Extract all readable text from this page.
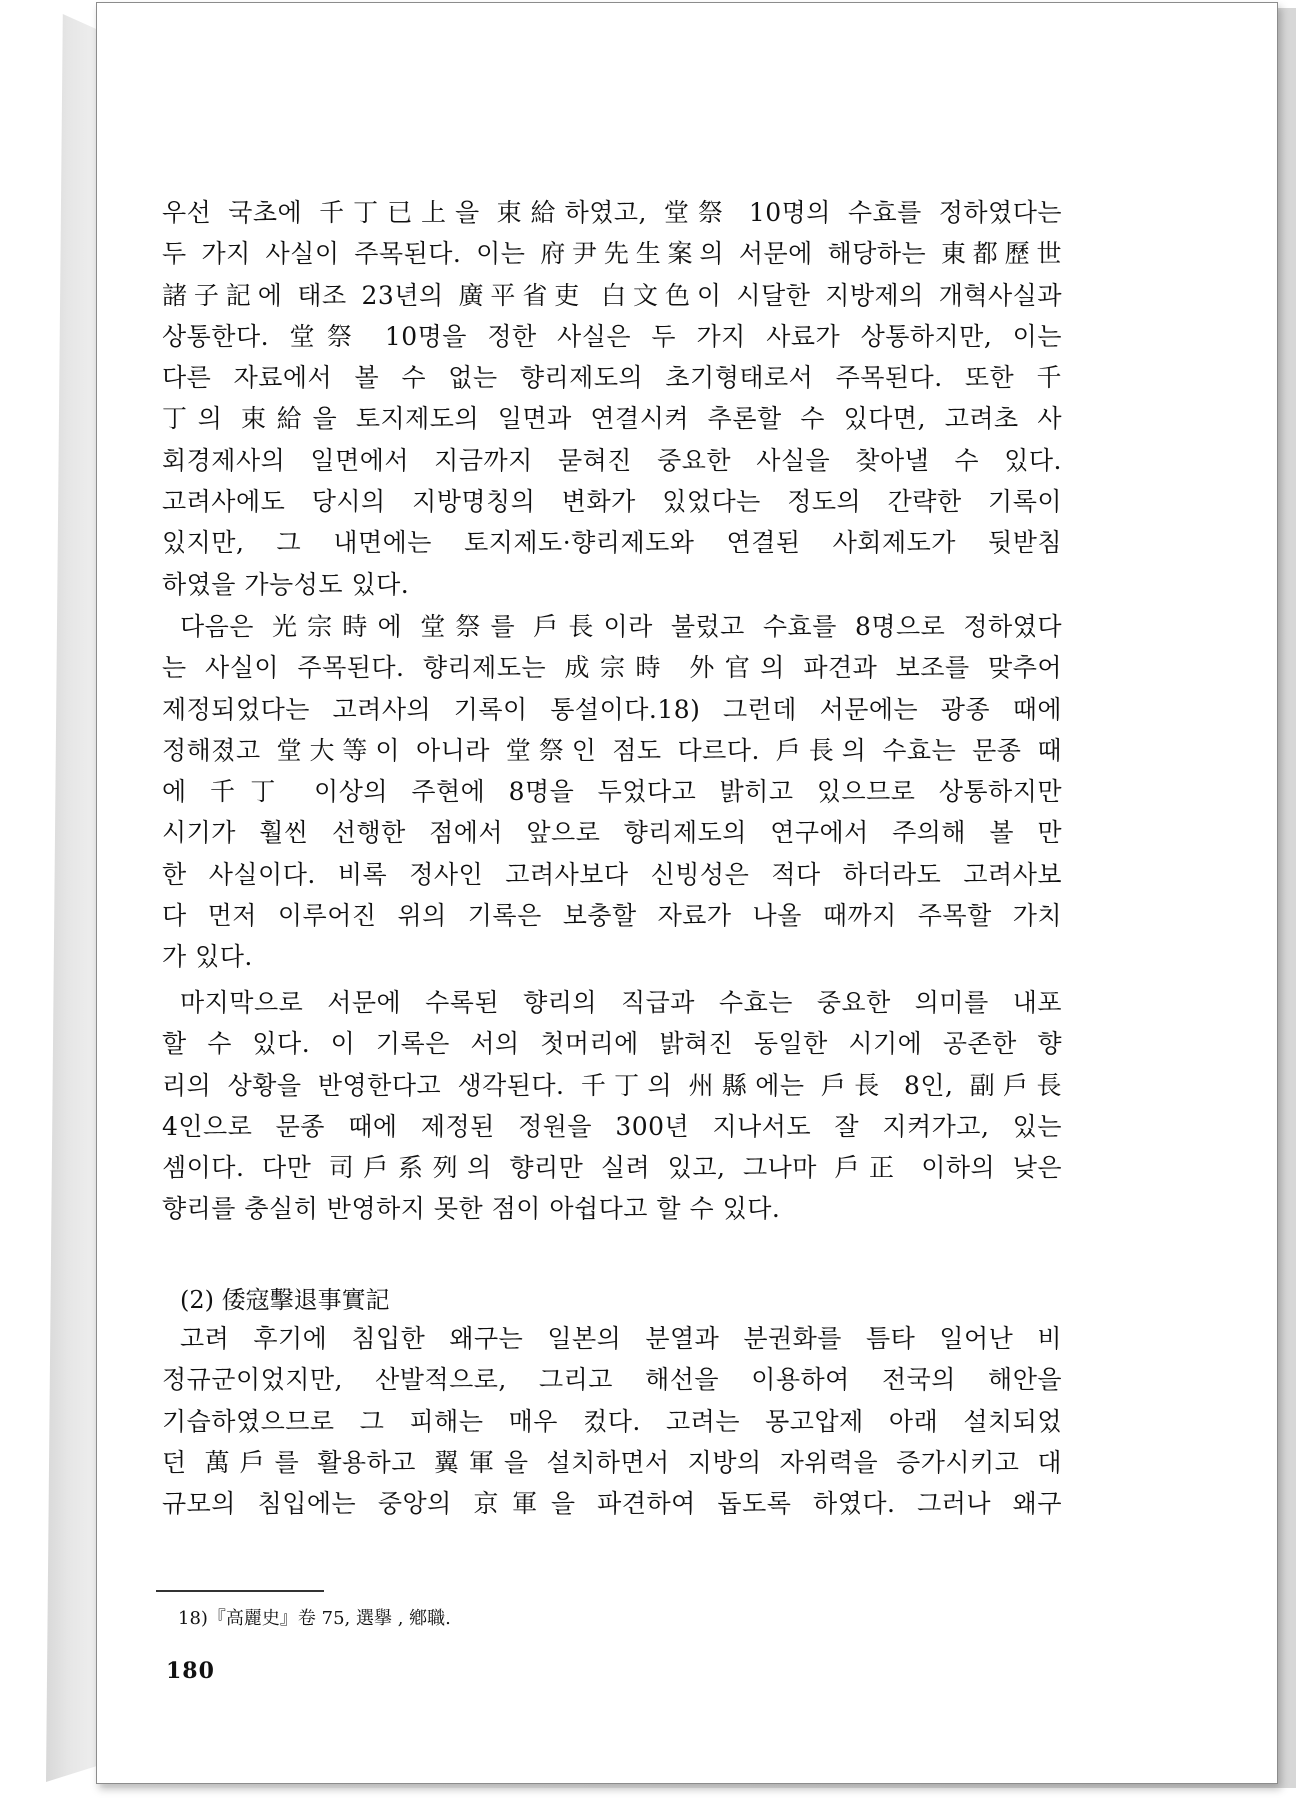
우선 국초에 千丁已上을 束給하였고, 堂祭 10명의 수효를 정하였다는
두 가지 사실이 주목된다. 이는 府尹先生案의 서문에 해당하는 東都歷世
諸子記에 태조 23년의 廣平省吏 白文色이 시달한 지방제의 개혁사실과
상통한다. 堂祭 10명을 정한 사실은 두 가지 사료가 상통하지만, 이는
다른 자료에서 볼 수 없는 향리제도의 초기형태로서 주목된다. 또한 千
丁의 束給을 토지제도의 일면과 연결시켜 추론할 수 있다면, 고려초 사
회경제사의 일면에서 지금까지 묻혀진 중요한 사실을 찾아낼 수 있다.
고려사에도 당시의 지방명칭의 변화가 있었다는 정도의 간략한 기록이
있지만, 그 내면에는 토지제도·향리제도와 연결된 사회제도가 뒷받침
하였을 가능성도 있다.
다음은 光宗時에 堂祭를 戶長이라 불렀고 수효를 8명으로 정하였다
는 사실이 주목된다. 향리제도는 成宗時 外官의 파견과 보조를 맞추어
제정되었다는 고려사의 기록이 통설이다.18) 그런데 서문에는 광종 때에
정해졌고 堂大等이 아니라 堂祭인 점도 다르다. 戶長의 수효는 문종 때
에 千丁 이상의 주현에 8명을 두었다고 밝히고 있으므로 상통하지만
시기가 훨씬 선행한 점에서 앞으로 향리제도의 연구에서 주의해 볼 만
한 사실이다. 비록 정사인 고려사보다 신빙성은 적다 하더라도 고려사보
다 먼저 이루어진 위의 기록은 보충할 자료가 나올 때까지 주목할 가치
가 있다.
마지막으로 서문에 수록된 향리의 직급과 수효는 중요한 의미를 내포
할 수 있다. 이 기록은 서의 첫머리에 밝혀진 동일한 시기에 공존한 향
리의 상황을 반영한다고 생각된다. 千丁의 州縣에는 戶長 8인, 副戶長
4인으로 문종 때에 제정된 정원을 300년 지나서도 잘 지켜가고, 있는
셈이다. 다만 司戶系列의 향리만 실려 있고, 그나마 戶正 이하의 낮은
향리를 충실히 반영하지 못한 점이 아쉽다고 할 수 있다.
(2) 倭寇擊退事實記
고려 후기에 침입한 왜구는 일본의 분열과 분권화를 틈타 일어난 비
정규군이었지만, 산발적으로, 그리고 해선을 이용하여 전국의 해안을
기습하였으므로 그 피해는 매우 컸다. 고려는 몽고압제 아래 설치되었
던 萬戶를 활용하고 翼軍을 설치하면서 지방의 자위력을 증가시키고 대
규모의 침입에는 중앙의 京軍을 파견하여 돕도록 하였다. 그러나 왜구
18)『高麗史』卷 75, 選擧 , 鄕職.
180
